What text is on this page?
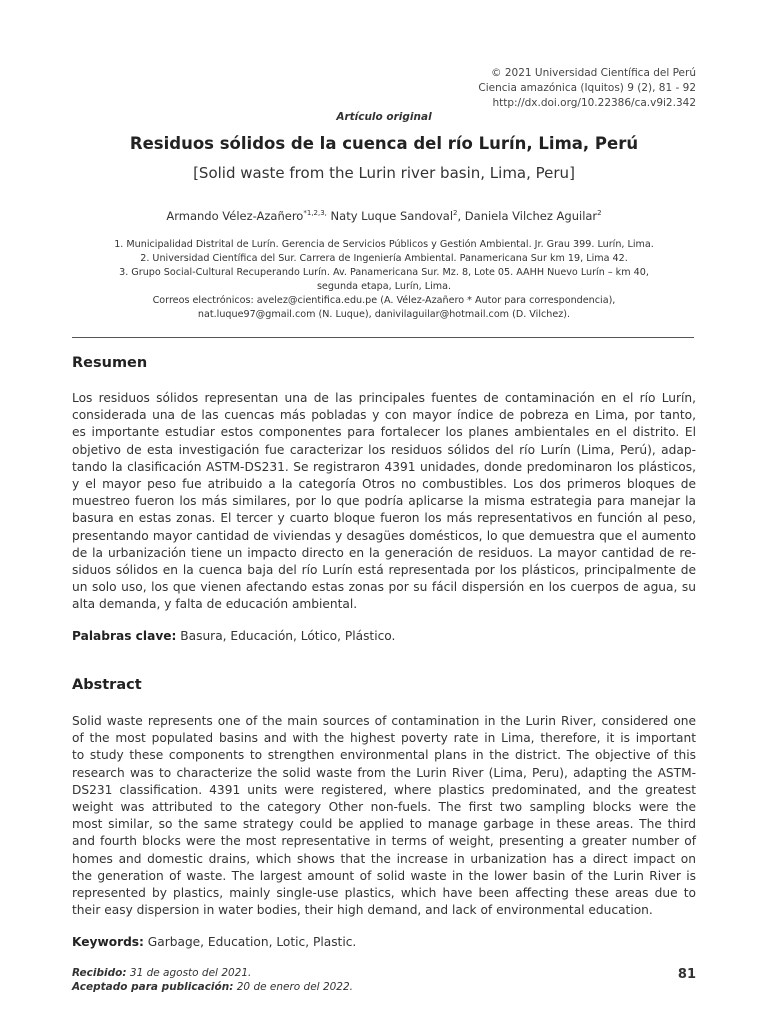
© 2021 Universidad Científica del Perú
Ciencia amazónica (Iquitos) 9 (2), 81 - 92
http://dx.doi.org/10.22386/ca.v9i2.342
Artículo original
Residuos sólidos de la cuenca del río Lurín, Lima, Perú
[Solid waste from the Lurin river basin, Lima, Peru]
Armando Vélez-Azañero$^{*1,2,3,}$ Naty Luque Sandoval$^2$, Daniela Vilchez Aguilar$^2$
1. Municipalidad Distrital de Lurín. Gerencia de Servicios Públicos y Gestión Ambiental. Jr. Grau 399. Lurín, Lima.
2. Universidad Científica del Sur. Carrera de Ingeniería Ambiental. Panamericana Sur km 19, Lima 42.
3. Grupo Social-Cultural Recuperando Lurín. Av. Panamericana Sur. Mz. 8, Lote 05. AAHH Nuevo Lurín – km 40,
segunda etapa, Lurín, Lima.
Correos electrónicos: avelez@cientifica.edu.pe (A. Vélez-Azañero * Autor para correspondencia),
nat.luque97@gmail.com (N. Luque), danivilaguilar@hotmail.com (D. Vilchez).
Resumen
Los residuos sólidos representan una de las principales fuentes de contaminación en el río Lurín,
considerada una de las cuencas más pobladas y con mayor índice de pobreza en Lima, por tanto,
es importante estudiar estos componentes para fortalecer los planes ambientales en el distrito. El
objetivo de esta investigación fue caracterizar los residuos sólidos del río Lurín (Lima, Perú), adap-
tando la clasificación ASTM-DS231. Se registraron 4391 unidades, donde predominaron los plásticos,
y el mayor peso fue atribuido a la categoría Otros no combustibles. Los dos primeros bloques de
muestreo fueron los más similares, por lo que podría aplicarse la misma estrategia para manejar la
basura en estas zonas. El tercer y cuarto bloque fueron los más representativos en función al peso,
presentando mayor cantidad de viviendas y desagües domésticos, lo que demuestra que el aumento
de la urbanización tiene un impacto directo en la generación de residuos. La mayor cantidad de re-
siduos sólidos en la cuenca baja del río Lurín está representada por los plásticos, principalmente de
un solo uso, los que vienen afectando estas zonas por su fácil dispersión en los cuerpos de agua, su
alta demanda, y falta de educación ambiental.
Palabras clave: Basura, Educación, Lótico, Plástico.
Abstract
Solid waste represents one of the main sources of contamination in the Lurin River, considered one
of the most populated basins and with the highest poverty rate in Lima, therefore, it is important
to study these components to strengthen environmental plans in the district. The objective of this
research was to characterize the solid waste from the Lurin River (Lima, Peru), adapting the ASTM-
DS231 classification. 4391 units were registered, where plastics predominated, and the greatest
weight was attributed to the category Other non-fuels. The first two sampling blocks were the
most similar, so the same strategy could be applied to manage garbage in these areas. The third
and fourth blocks were the most representative in terms of weight, presenting a greater number of
homes and domestic drains, which shows that the increase in urbanization has a direct impact on
the generation of waste. The largest amount of solid waste in the lower basin of the Lurin River is
represented by plastics, mainly single-use plastics, which have been affecting these areas due to
their easy dispersion in water bodies, their high demand, and lack of environmental education.
Keywords: Garbage, Education, Lotic, Plastic.
Recibido: 31 de agosto del 2021.
Aceptado para publicación: 20 de enero del 2022.
81
